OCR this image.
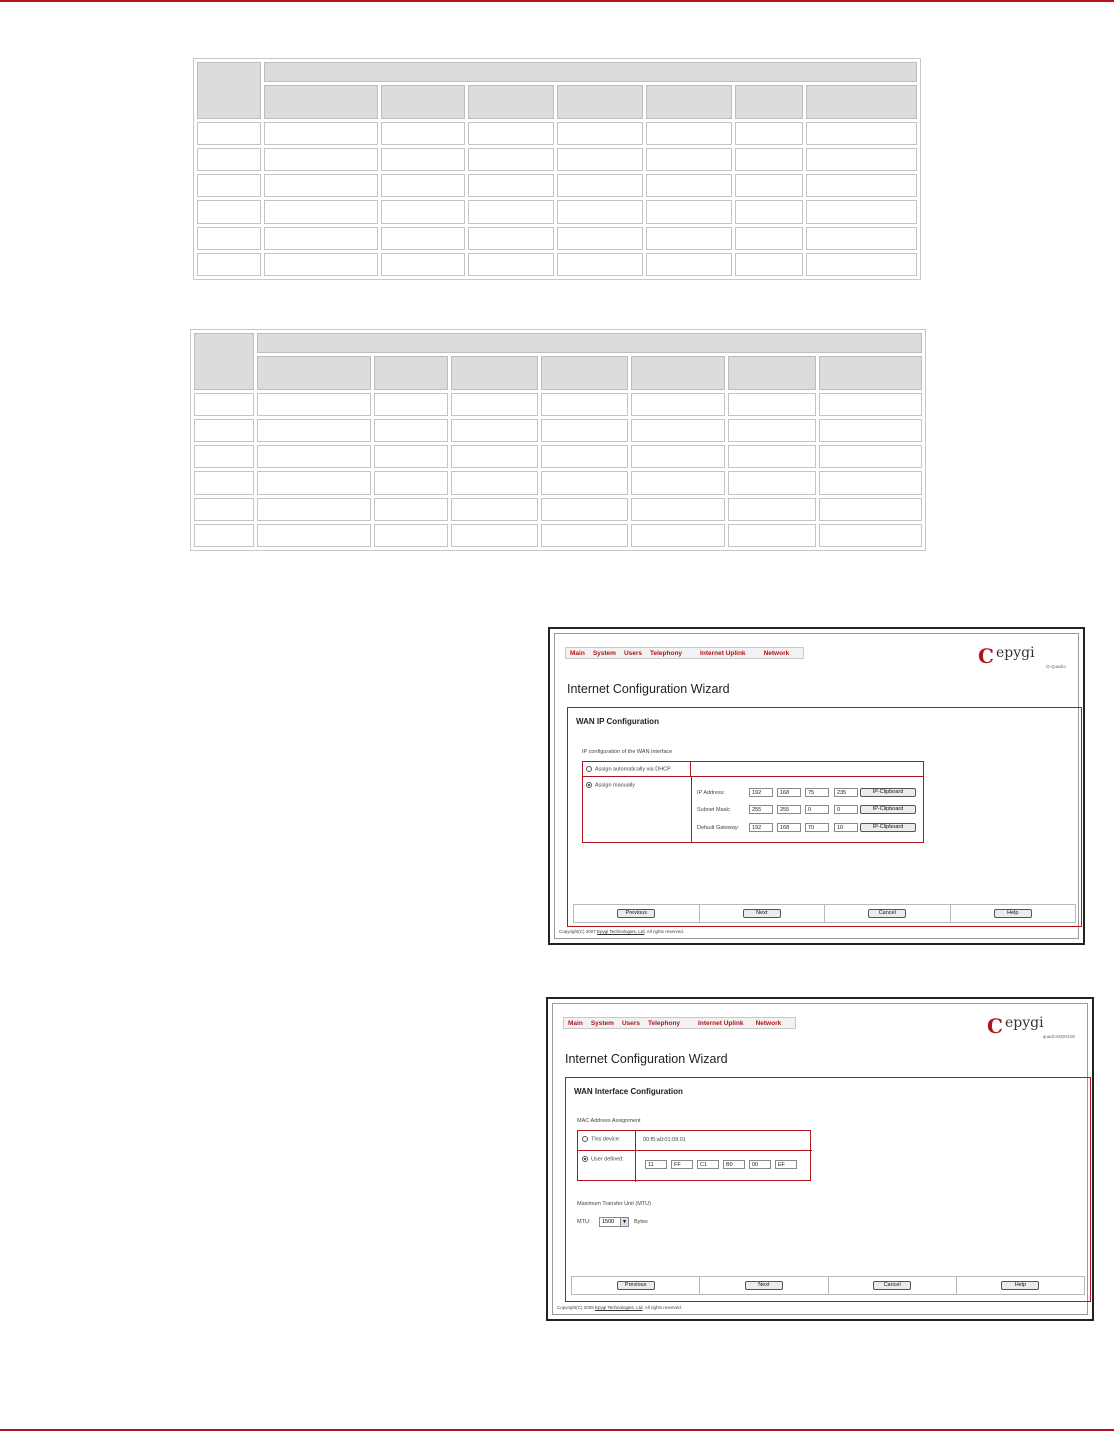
Main	System	Users	Telephony	Internet Uplink	Network	C epygi
D-Quadro
Internet Configuration Wizard
WAN IP Configuration
IP configuration of the WAN interface
Assign automatically via DHCP
Assign manually
IP Address:	192	168	75	235	IP-Clipboard
Subnet Mask:	255	255	0	0	IP-Clipboard
Default Gateway:	192	168	70	10	IP-Clipboard
Previous	Next	Cancel	Help
Copyright(C) 2007 Epygi Technologies, Ltd. All rights reserved.
Main	System	Users	Telephony	Internet Uplink	Network	C epygi
quadroISDN100
Internet Configuration Wizard
WAN Interface Configuration
MAC Address Assignment
This device:	00:f5:a0:01:09:01
User defined:
11	FF	C1	B0	00	EF
Maximum Transfer Unit (MTU)
MTU:	1500	▼ Bytes
Previous	Next	Cancel	Help
Copyright(C) 2008 Epygi Technologies, Ltd. All rights reserved.
